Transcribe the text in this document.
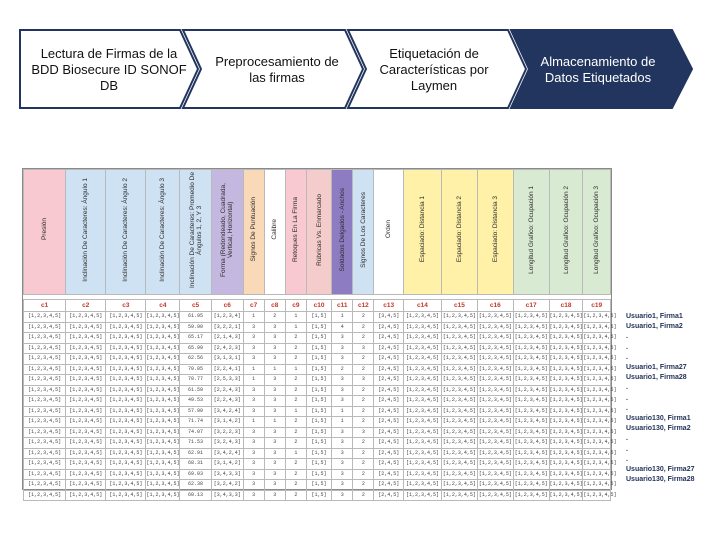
Lectura de Firmas de la BDD Biosecure ID SONOF DB
Preprocesamiento de las firmas
Etiquetación de Características por Laymen
Almacenamiento de Datos Etiquetados
Presión	Inclinación De Caracteres: Ángulo 1	Inclinación De Caracteres: Ángulo 2	Inclinación De Caracteres: Ángulo 3	Inclinación De Caracteres: Promedio De Ángulos 1, 2, Y 3	Forma (Redondeado, Cuadrada, Vertical, Horizontal)	Signos De Puntuación	Calibre	Retoques En La Firma	Rúbricas Vs. Enmarcado	Soldados Delgados - Anchos	Signos De Los Caracteres	Orden	Espaciado: Distancia 1	Espaciado: Distancia 2	Espaciado: Distancia 3	Longitud Grafico: Ocupación 1	Longitud Grafico: Ocupación 2	Longitud Grafico: Ocupación 3

c1	c2	c3	c4	c5	c6	c7	c8	c9	c10	c11	c12	c13	c14	c15	c16	c17	c18	c19
[1,2,3,4,5]	[1,2,3,4,5]	[1,2,3,4,5]	[1,2,3,4,5]	61.95	[1,2,3,4]	1	2	1	[1,5]	1	2	[3,4,5]	[1,2,3,4,5]	[1,2,3,4,5]	[1,2,3,4,5]	[1,2,3,4,5]	[1,2,3,4,5]	[1,2,3,4,5]
[1,2,3,4,5]	[1,2,3,4,5]	[1,2,3,4,5]	[1,2,3,4,5]	59.90	[3,2,2,1]	3	3	1	[1,5]	4	2	[2,4,5]	[1,2,3,4,5]	[1,2,3,4,5]	[1,2,3,4,5]	[1,2,3,4,5]	[1,2,3,4,5]	[1,2,3,4,5]
[1,2,3,4,5]	[1,2,3,4,5]	[1,2,3,4,5]	[1,2,3,4,5]	65.17	[2,1,4,3]	3	3	2	[1,5]	3	2	[2,4,5]	[1,2,3,4,5]	[1,2,3,4,5]	[1,2,3,4,5]	[1,2,3,4,5]	[1,2,3,4,5]	[1,2,3,4,5]
[1,2,3,4,5]	[1,2,3,4,5]	[1,2,3,4,5]	[1,2,3,4,5]	65.99	[2,4,2,3]	3	3	2	[1,5]	3	3	[2,4,5]	[1,2,3,4,5]	[1,2,3,4,5]	[1,2,3,4,5]	[1,2,3,4,5]	[1,2,3,4,5]	[1,2,3,4,5]
[1,2,3,4,5]	[1,2,3,4,5]	[1,2,3,4,5]	[1,2,3,4,5]	62.56	[3,1,3,1]	3	3	2	[1,5]	3	2	[2,4,5]	[1,2,3,4,5]	[1,2,3,4,5]	[1,2,3,4,5]	[1,2,3,4,5]	[1,2,3,4,5]	[1,2,3,4,5]
[1,2,3,4,5]	[1,2,3,4,5]	[1,2,3,4,5]	[1,2,3,4,5]	70.05	[2,2,4,1]	1	1	1	[1,5]	2	2	[2,4,5]	[1,2,3,4,5]	[1,2,3,4,5]	[1,2,3,4,5]	[1,2,3,4,5]	[1,2,3,4,5]	[1,2,3,4,5]
[1,2,3,4,5]	[1,2,3,4,5]	[1,2,3,4,5]	[1,2,3,4,5]	70.77	[2,5,3,3]	1	3	2	[1,5]	3	3	[2,4,5]	[1,2,3,4,5]	[1,2,3,4,5]	[1,2,3,4,5]	[1,2,3,4,5]	[1,2,3,4,5]	[1,2,3,4,5]
[1,2,3,4,5]	[1,2,3,4,5]	[1,2,3,4,5]	[1,2,3,4,5]	61.59	[2,2,4,3]	3	3	2	[1,5]	3	2	[2,4,5]	[1,2,3,4,5]	[1,2,3,4,5]	[1,2,3,4,5]	[1,2,3,4,5]	[1,2,3,4,5]	[1,2,3,4,5]
[1,2,3,4,5]	[1,2,3,4,5]	[1,2,3,4,5]	[1,2,3,4,5]	49.53	[2,2,4,3]	3	3	2	[1,5]	3	2	[2,4,5]	[1,2,3,4,5]	[1,2,3,4,5]	[1,2,3,4,5]	[1,2,3,4,5]	[1,2,3,4,5]	[1,2,3,4,5]
[1,2,3,4,5]	[1,2,3,4,5]	[1,2,3,4,5]	[1,2,3,4,5]	57.90	[3,4,2,4]	3	3	1	[1,5]	1	2	[2,4,5]	[1,2,3,4,5]	[1,2,3,4,5]	[1,2,3,4,5]	[1,2,3,4,5]	[1,2,3,4,5]	[1,2,3,4,5]
[1,2,3,4,5]	[1,2,3,4,5]	[1,2,3,4,5]	[1,2,3,4,5]	71.74	[3,1,4,2]	1	1	2	[1,5]	1	2	[2,4,5]	[1,2,3,4,5]	[1,2,3,4,5]	[1,2,3,4,5]	[1,2,3,4,5]	[1,2,3,4,5]	[1,2,3,4,5]
[1,2,3,4,5]	[1,2,3,4,5]	[1,2,3,4,5]	[1,2,3,4,5]	74.07	[3,2,2,3]	3	3	2	[1,5]	3	3	[2,4,5]	[1,2,3,4,5]	[1,2,3,4,5]	[1,2,3,4,5]	[1,2,3,4,5]	[1,2,3,4,5]	[1,2,3,4,5]
[1,2,3,4,5]	[1,2,3,4,5]	[1,2,3,4,5]	[1,2,3,4,5]	71.53	[3,2,4,3]	3	3	2	[1,5]	3	2	[2,4,5]	[1,2,3,4,5]	[1,2,3,4,5]	[1,2,3,4,5]	[1,2,3,4,5]	[1,2,3,4,5]	[1,2,3,4,5]
[1,2,3,4,5]	[1,2,3,4,5]	[1,2,3,4,5]	[1,2,3,4,5]	62.91	[3,4,2,4]	3	3	1	[1,5]	3	2	[2,4,5]	[1,2,3,4,5]	[1,2,3,4,5]	[1,2,3,4,5]	[1,2,3,4,5]	[1,2,3,4,5]	[1,2,3,4,5]
[1,2,3,4,5]	[1,2,3,4,5]	[1,2,3,4,5]	[1,2,3,4,5]	68.31	[3,1,4,2]	3	3	2	[1,5]	3	2	[2,4,5]	[1,2,3,4,5]	[1,2,3,4,5]	[1,2,3,4,5]	[1,2,3,4,5]	[1,2,3,4,5]	[1,2,3,4,5]
[1,2,3,4,5]	[1,2,3,4,5]	[1,2,3,4,5]	[1,2,3,4,5]	69.03	[3,4,3,3]	3	3	2	[1,5]	3	2	[2,4,5]	[1,2,3,4,5]	[1,2,3,4,5]	[1,2,3,4,5]	[1,2,3,4,5]	[1,2,3,4,5]	[1,2,3,4,5]
[1,2,3,4,5]	[1,2,3,4,5]	[1,2,3,4,5]	[1,2,3,4,5]	62.38	[3,2,4,2]	3	3	2	[1,5]	3	2	[2,4,5]	[1,2,3,4,5]	[1,2,3,4,5]	[1,2,3,4,5]	[1,2,3,4,5]	[1,2,3,4,5]	[1,2,3,4,5]
[1,2,3,4,5]	[1,2,3,4,5]	[1,2,3,4,5]	[1,2,3,4,5]	60.13	[3,4,3,3]	3	3	2	[1,5]	3	2	[2,4,5]	[1,2,3,4,5]	[1,2,3,4,5]	[1,2,3,4,5]	[1,2,3,4,5]	[1,2,3,4,5]	[1,2,3,4,5]
Usuario1, Firma1
Usuario1, Firma2
.
.
.
Usuario1, Firma27
Usuario1, Firma28
.
.
.
Usuario130, Firma1
Usuario130, Firma2
.
.
.
Usuario130, Firma27
Usuario130, Firma28
